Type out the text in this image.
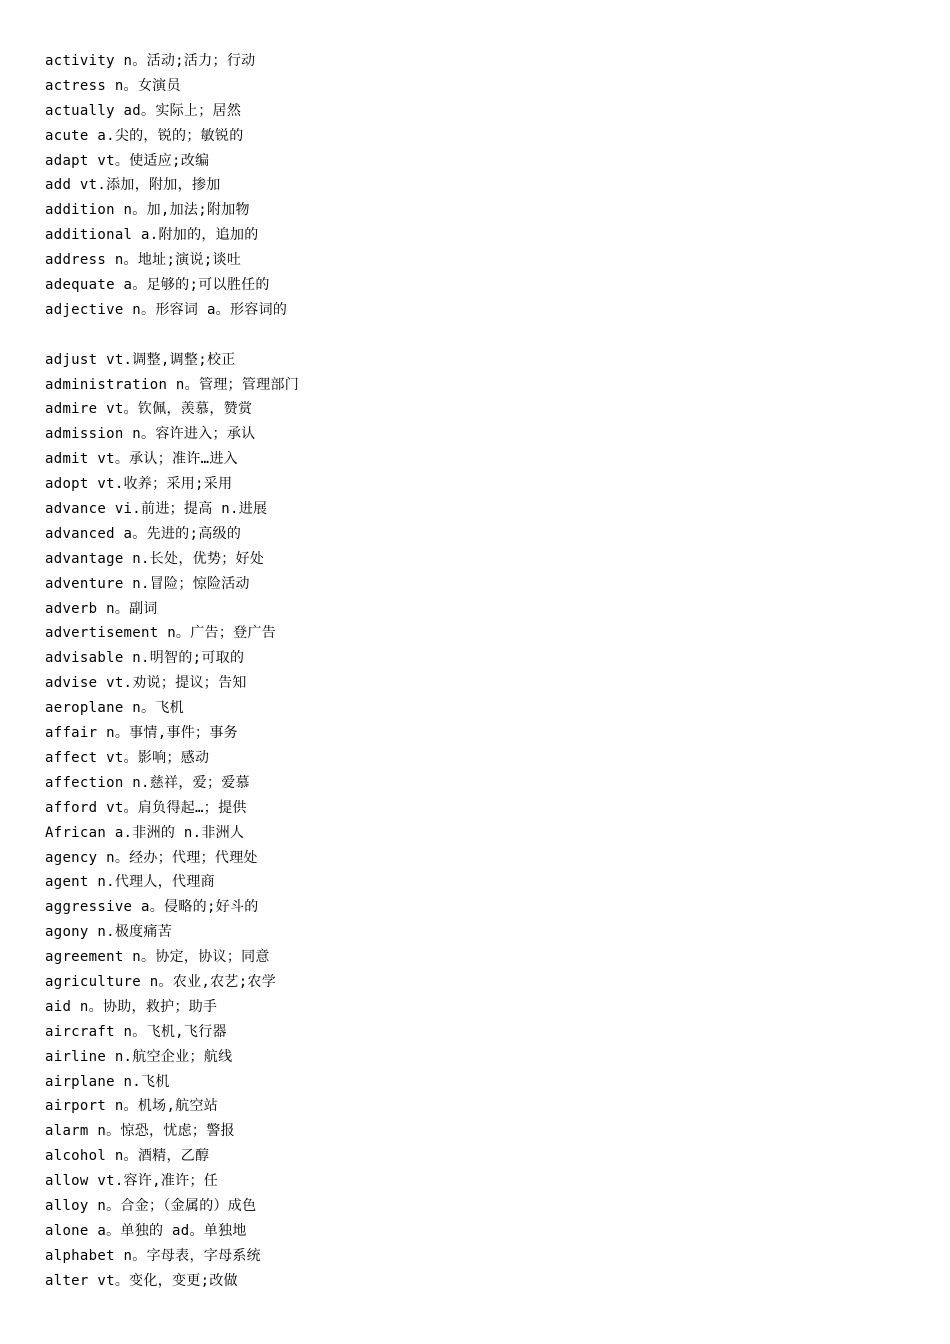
activity n。活动;活力；行动
actress n。女演员
actually ad。实际上；居然
acute a.尖的，锐的；敏锐的
adapt vt。使适应;改编
add vt.添加，附加，掺加
addition n。加,加法;附加物
additional a.附加的，追加的
address n。地址;演说;谈吐
adequate a。足够的;可以胜任的
adjective n。形容词 a。形容词的
adjust vt.调整,调整;校正
administration n。管理；管理部门
admire vt。钦佩，羡慕，赞赏
admission n。容许进入；承认
admit vt。承认；准许…进入
adopt vt.收养；采用;采用
advance vi.前进；提高 n.进展
advanced a。先进的;高级的
advantage n.长处，优势；好处
adventure n.冒险；惊险活动
adverb n。副词
advertisement n。广告；登广告
advisable n.明智的;可取的
advise vt.劝说；提议；告知
aeroplane n。飞机
affair n。事情,事件；事务
affect vt。影响；感动
affection n.慈祥，爱；爱慕
afford vt。肩负得起…；提供
African a.非洲的 n.非洲人
agency n。经办；代理；代理处
agent n.代理人，代理商
aggressive a。侵略的;好斗的
agony n.极度痛苦
agreement n。协定，协议；同意
agriculture n。农业,农艺;农学
aid n。协助，救护；助手
aircraft n。飞机,飞行器
airline n.航空企业；航线
airplane n.飞机
airport n。机场,航空站
alarm n。惊恐，忧虑；警报
alcohol n。酒精，乙醇
allow vt.容许,准许；任
alloy n。合金；（金属的）成色
alone a。单独的 ad。单独地
alphabet n。字母表，字母系统
alter vt。变化，变更;改做
